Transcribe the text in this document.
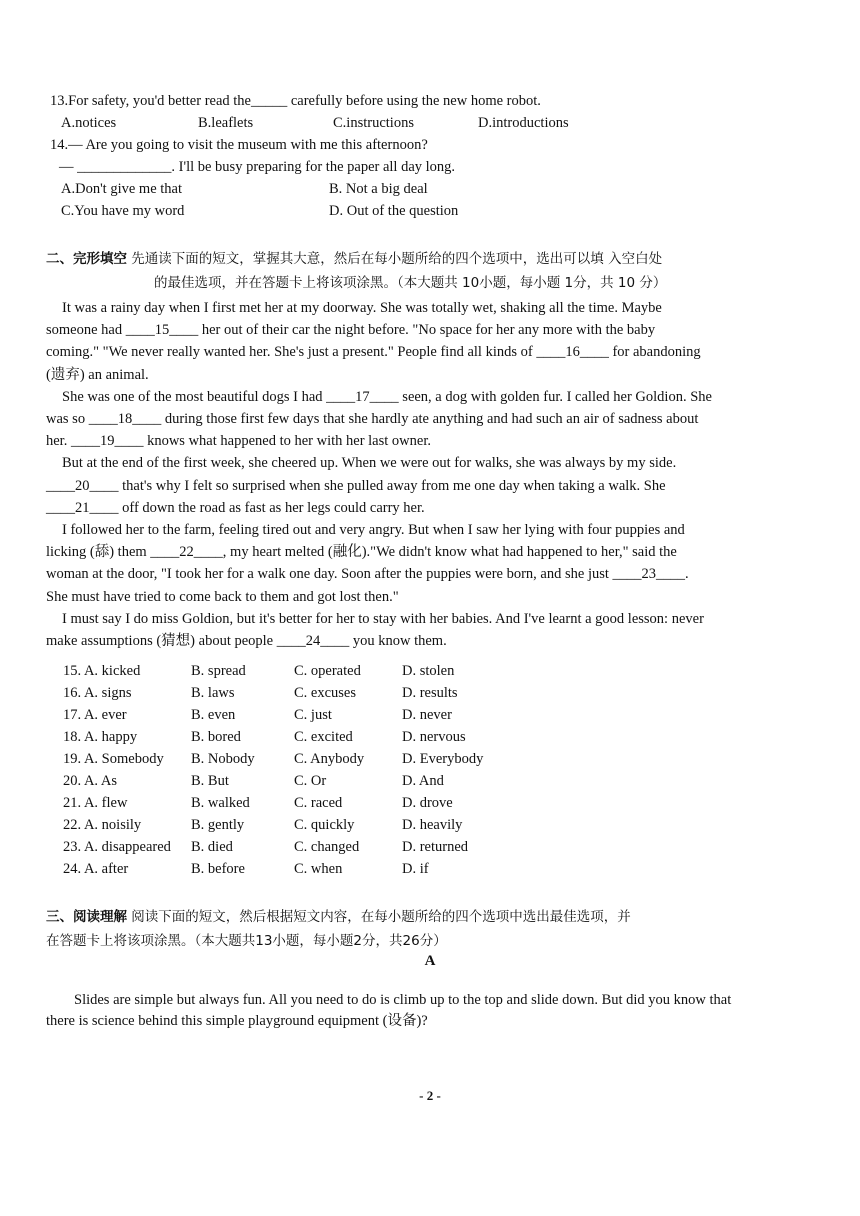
13.For safety, you'd better read the_____ carefully before using the new home robot.
A.notices	B.leaflets	C.instructions	D.introductions
14.— Are you going to visit the museum with me this afternoon?
— _____________. I'll be busy preparing for the paper all day long.
A.Don't give me that	B. Not a big deal
C.You have my word	D. Out of the question
二、完形填空 先通读下面的短文，掌握其大意，然后在每小题所给的四个选项中，选出可以填 入空白处
的最佳选项，并在答题卡上将该项涂黑。（本大题共 10小题，每小题 1分，共 10 分）

It was a rainy day when I first met her at my doorway. She was totally wet, shaking all the time. Maybe

someone had ____15____ her out of their car the night before. "No space for her any more with the baby

coming." "We never really wanted her. She's just a present." People find all kinds of ____16____ for abandoning

(遗弃) an animal.

She was one of the most beautiful dogs I had ____17____ seen, a dog with golden fur. I called her Goldion. She

was so ____18____ during those first few days that she hardly ate anything and had such an air of sadness about

her. ____19____ knows what happened to her with her last owner.

But at the end of the first week, she cheered up. When we were out for walks, she was always by my side.

____20____ that's why I felt so surprised when she pulled away from me one day when taking a walk. She

____21____ off down the road as fast as her legs could carry her.

I followed her to the farm, feeling tired out and very angry. But when I saw her lying with four puppies and

licking (舔) them ____22____, my heart melted (融化)."We didn't know what had happened to her," said the

woman at the door, "I took her for a walk one day. Soon after the puppies were born, and she just ____23____.

She must have tried to come back to them and got lost then."

I must say I do miss Goldion, but it's better for her to stay with her babies. And I've learnt a good lesson: never

make assumptions (猜想) about people ____24____ you know them.

15. A. kicked	B. spread	C. operated	D. stolen
16. A. signs	B. laws	C. excuses	D. results
17. A. ever	B. even	C. just	D. never
18. A. happy	B. bored	C. excited	D. nervous
19. A. Somebody	B. Nobody	C. Anybody	D. Everybody
20. A. As	B. But	C. Or	D. And
21. A. flew	B. walked	C. raced	D. drove
22. A. noisily	B. gently	C. quickly	D. heavily
23. A. disappeared	B. died	C. changed	D. returned
24. A. after	B. before	C. when	D. if
三、阅读理解 阅读下面的短文，然后根据短文内容，在每小题所给的四个选项中选出最佳选项，并
在答题卡上将该项涂黑。（本大题共13小题，每小题2分，共26分）
A
Slides are simple but always fun. All you need to do is climb up to the top and slide down. But did you know that there is science behind this simple playground equipment (设备)?
- 2 -
